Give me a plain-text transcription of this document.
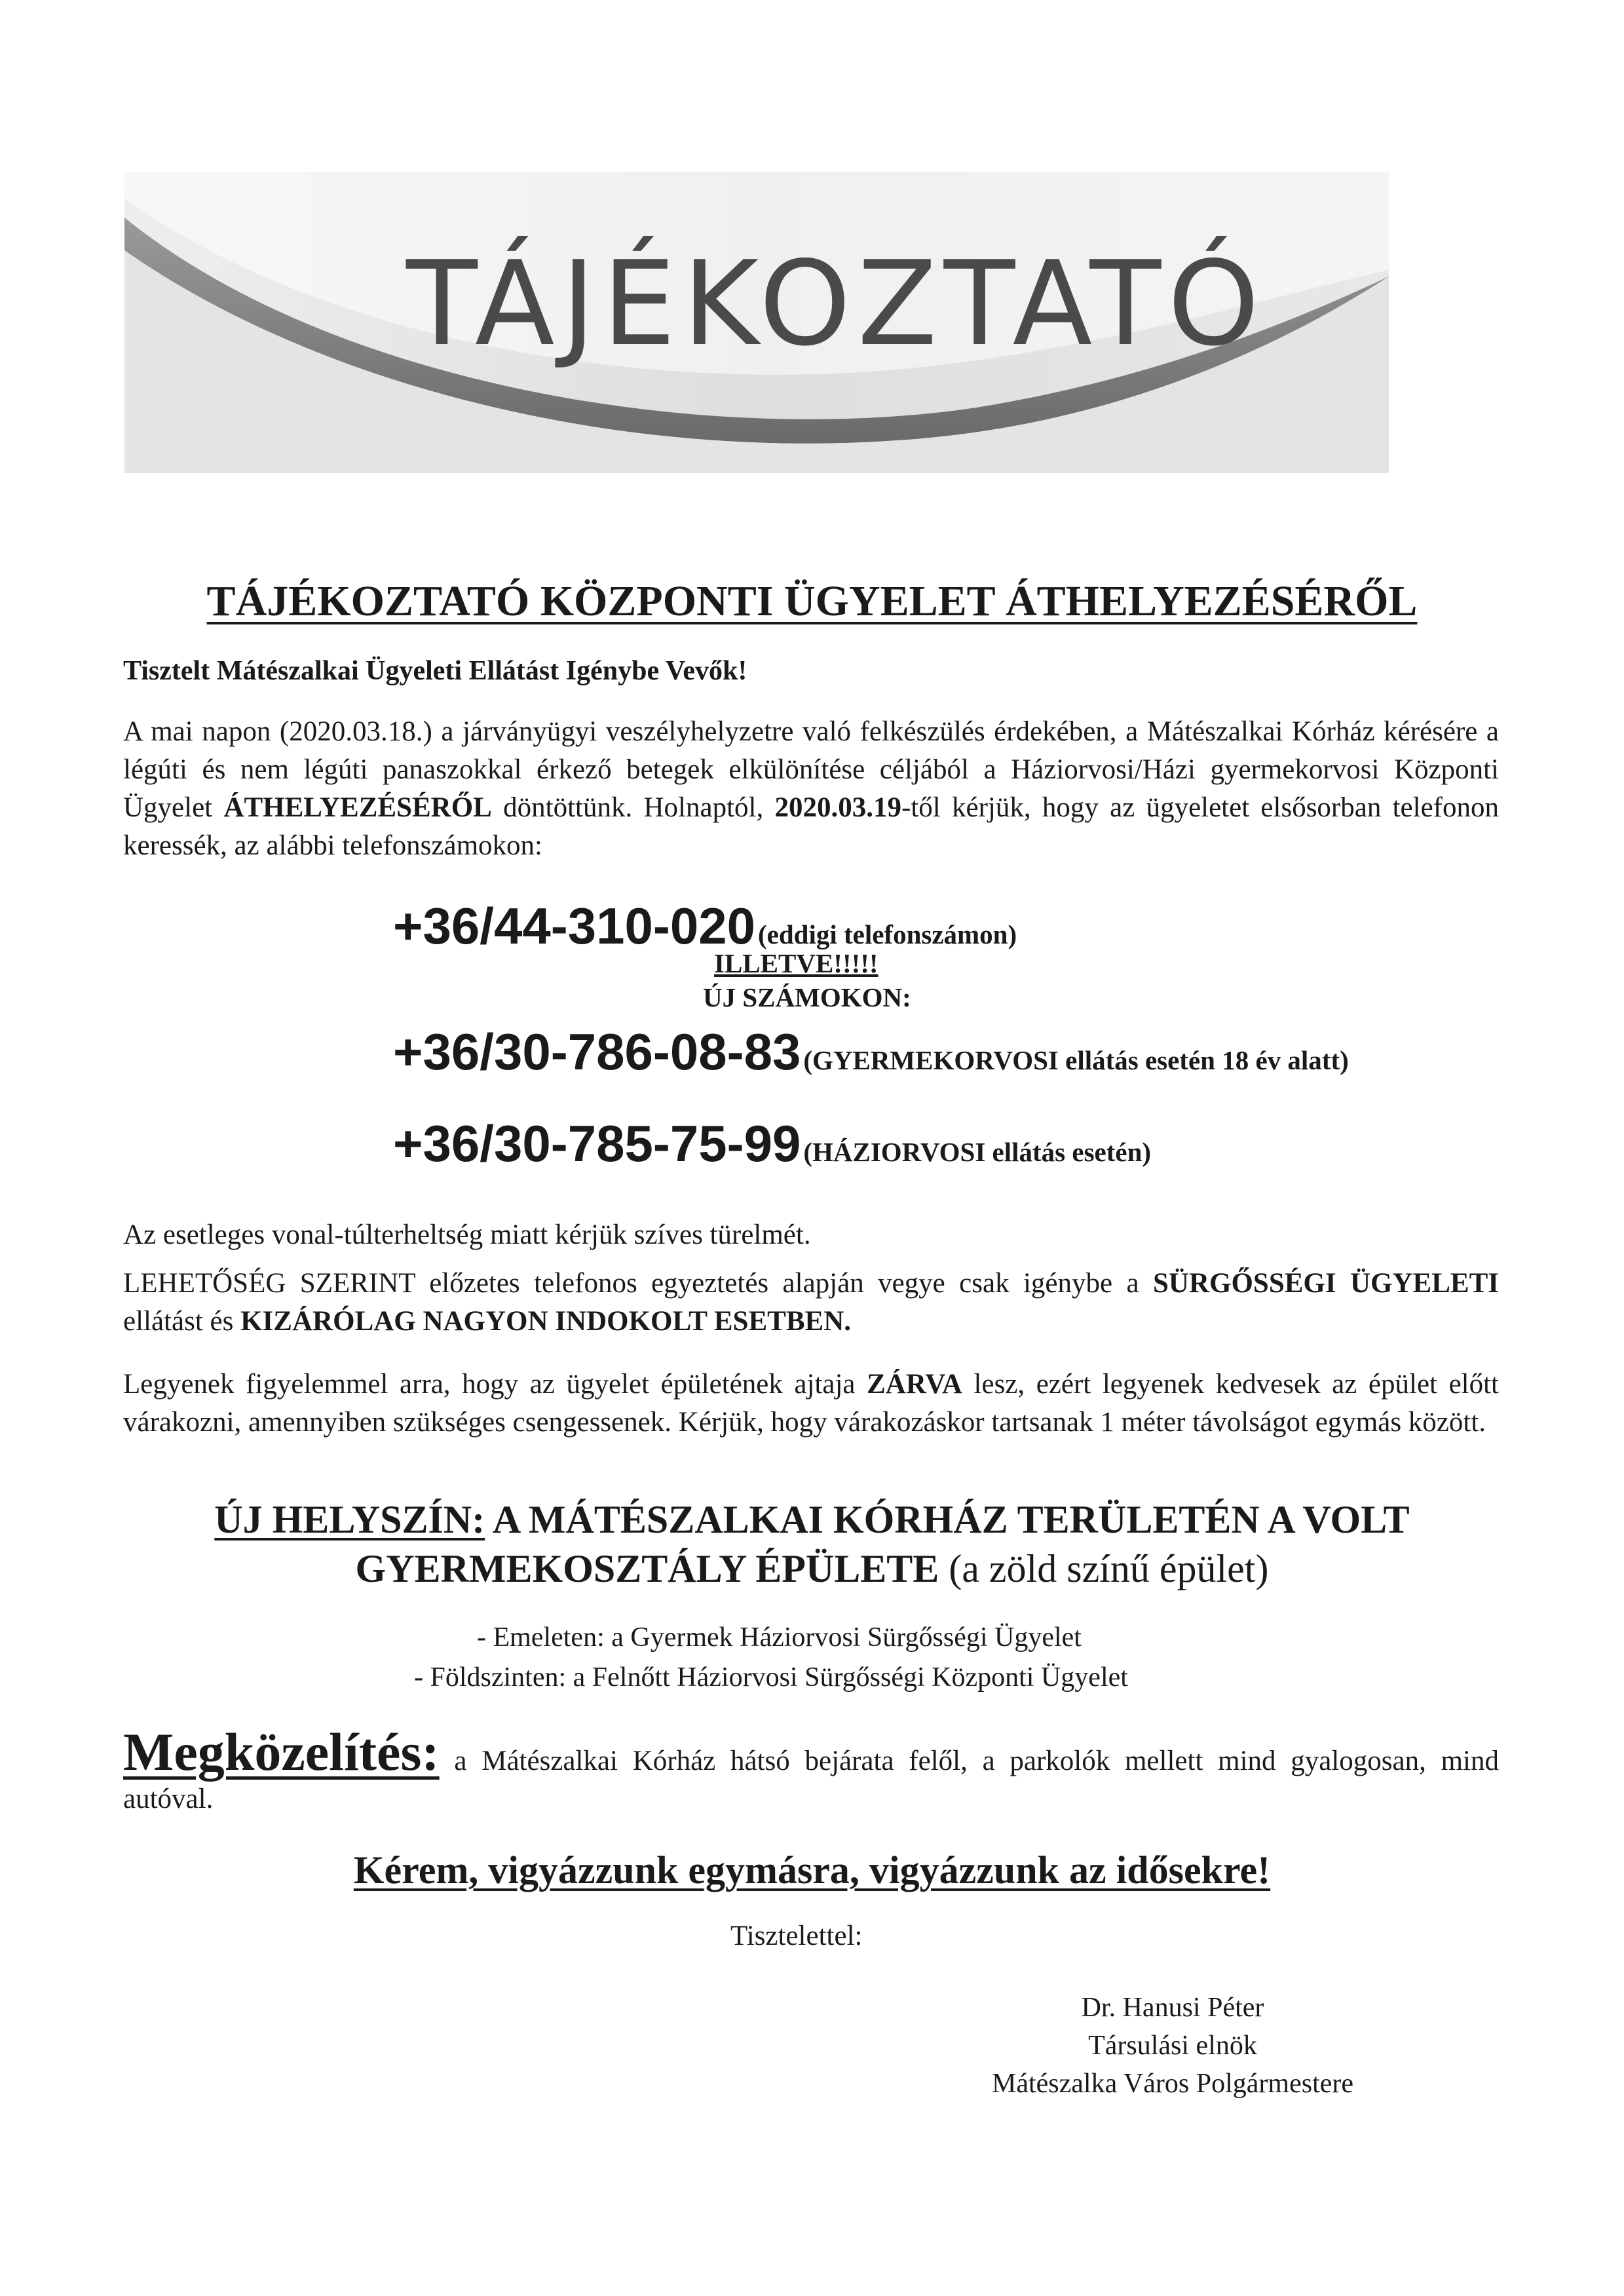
TÁJÉKOZTATÓ
TÁJÉKOZTATÓ KÖZPONTI ÜGYELET ÁTHELYEZÉSÉRŐL
Tisztelt Mátészalkai Ügyeleti Ellátást Igénybe Vevők!
A mai napon (2020.03.18.) a járványügyi veszélyhelyzetre való felkészülés érdekében, a Mátészalkai Kórház kérésére a légúti és nem légúti panaszokkal érkező betegek elkülönítése céljából a Háziorvosi/Házi gyermekorvosi Központi Ügyelet ÁTHELYEZÉSÉRŐL döntöttünk. Holnaptól, 2020.03.19-től kérjük, hogy az ügyeletet elsősorban telefonon keressék, az alábbi telefonszámokon:
+36/44-310-020 (eddigi telefonszámon)
ILLETVE!!!!!
ÚJ SZÁMOKON:
+36/30-786-08-83 (GYERMEKORVOSI ellátás esetén 18 év alatt)
+36/30-785-75-99 (HÁZIORVOSI ellátás esetén)
Az esetleges vonal-túlterheltség miatt kérjük szíves türelmét.
LEHETŐSÉG SZERINT előzetes telefonos egyeztetés alapján vegye csak igénybe a SÜRGŐSSÉGI ÜGYELETI ellátást és KIZÁRÓLAG NAGYON INDOKOLT ESETBEN.
Legyenek figyelemmel arra, hogy az ügyelet épületének ajtaja ZÁRVA lesz, ezért legyenek kedvesek az épület előtt várakozni, amennyiben szükséges csengessenek. Kérjük, hogy várakozáskor tartsanak 1 méter távolságot egymás között.
ÚJ HELYSZÍN: A MÁTÉSZALKAI KÓRHÁZ TERÜLETÉN A VOLT
GYERMEKOSZTÁLY ÉPÜLETE (a zöld színű épület)
- Emeleten: a Gyermek Háziorvosi Sürgősségi Ügyelet
- Földszinten: a Felnőtt Háziorvosi Sürgősségi Központi Ügyelet
Megközelítés: a Mátészalkai Kórház hátsó bejárata felől, a parkolók mellett mind gyalogosan, mind autóval.
Kérem, vigyázzunk egymásra, vigyázzunk az idősekre!
Tisztelettel:
Dr. Hanusi Péter
Társulási elnök
Mátészalka Város Polgármestere
